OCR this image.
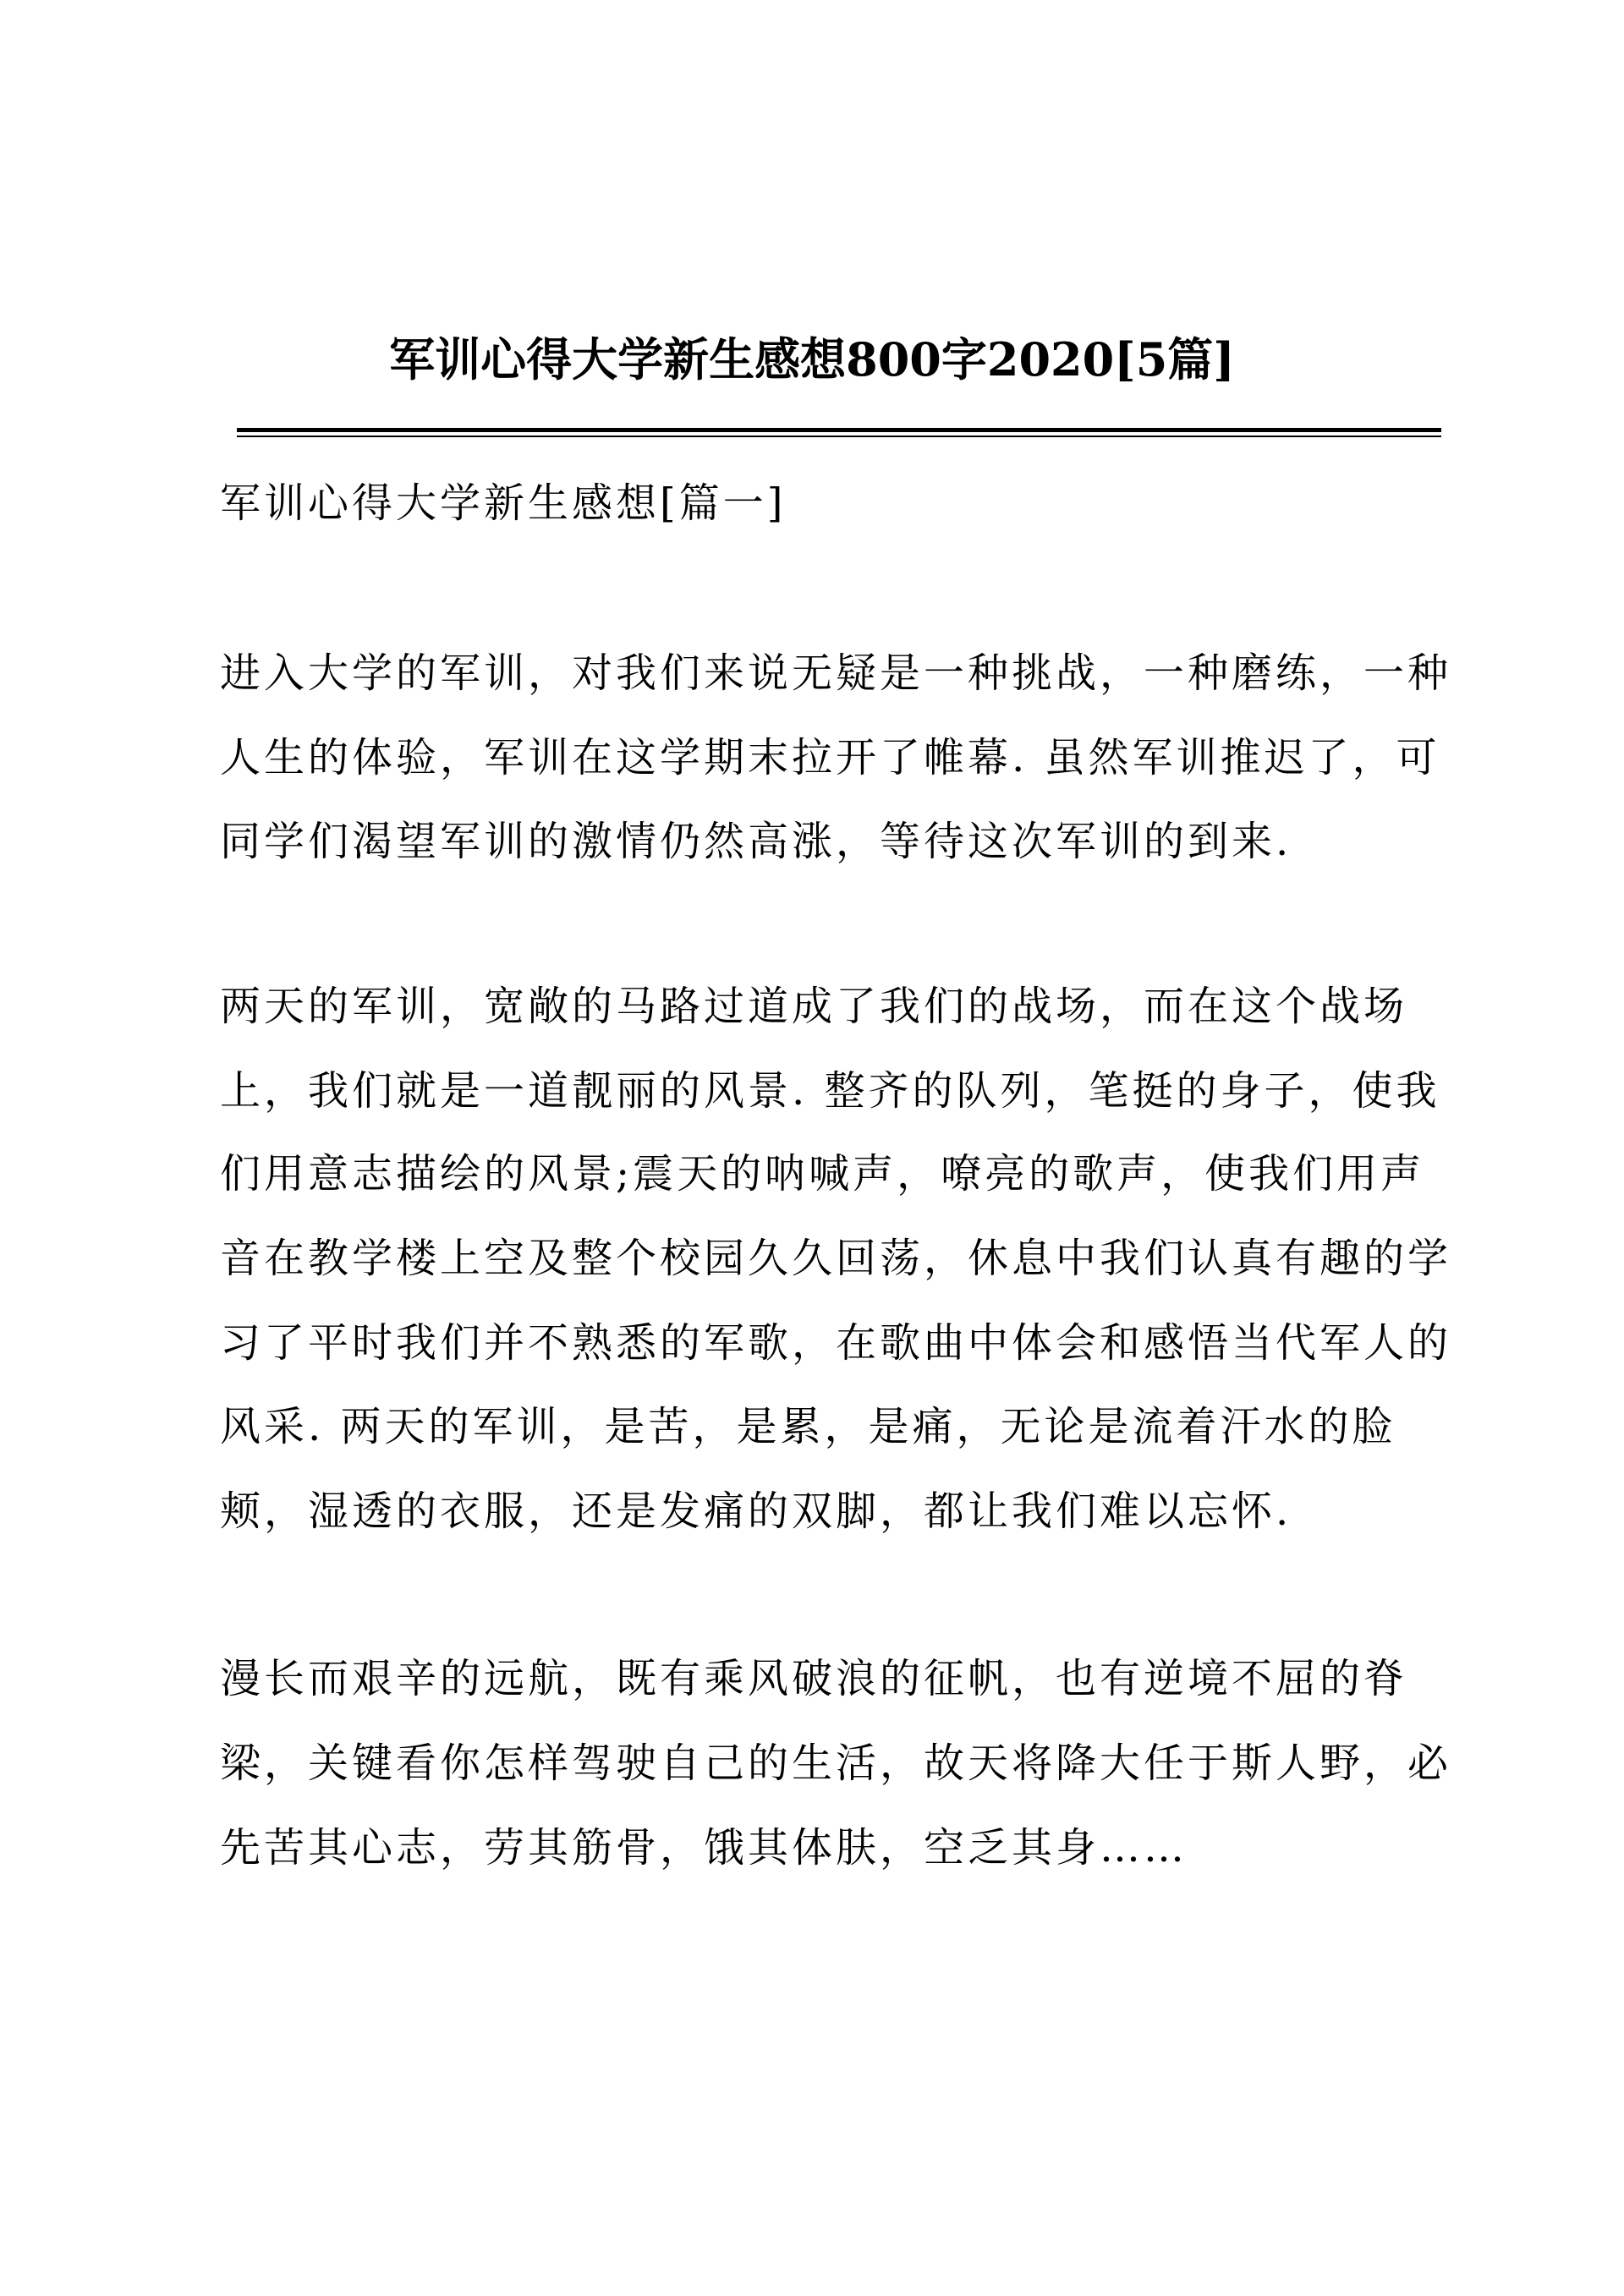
军训心得大学新生感想800字2020[5篇]
军训心得大学新生感想[篇一]
进入大学的军训，对我们来说无疑是一种挑战，一种磨练，一种
人生的体验，军训在这学期末拉开了帷幕. 虽然军训推迟了，可
同学们渴望军训的激情仍然高涨，等待这次军训的到来.
两天的军训，宽敞的马路过道成了我们的战场，而在这个战场
上，我们就是一道靓丽的风景. 整齐的队列，笔挺的身子，使我
们用意志描绘的风景;震天的呐喊声，嘹亮的歌声，使我们用声
音在教学楼上空及整个校园久久回荡，休息中我们认真有趣的学
习了平时我们并不熟悉的军歌，在歌曲中体会和感悟当代军人的
风采. 两天的军训，是苦，是累，是痛，无论是流着汗水的脸
颊，湿透的衣服，还是发痛的双脚，都让我们难以忘怀.
漫长而艰辛的远航，既有乘风破浪的征帆，也有逆境不屈的脊
梁，关键看你怎样驾驶自己的生活，故天将降大任于斯人野，必
先苦其心志，劳其筋骨，饿其体肤，空乏其身……
